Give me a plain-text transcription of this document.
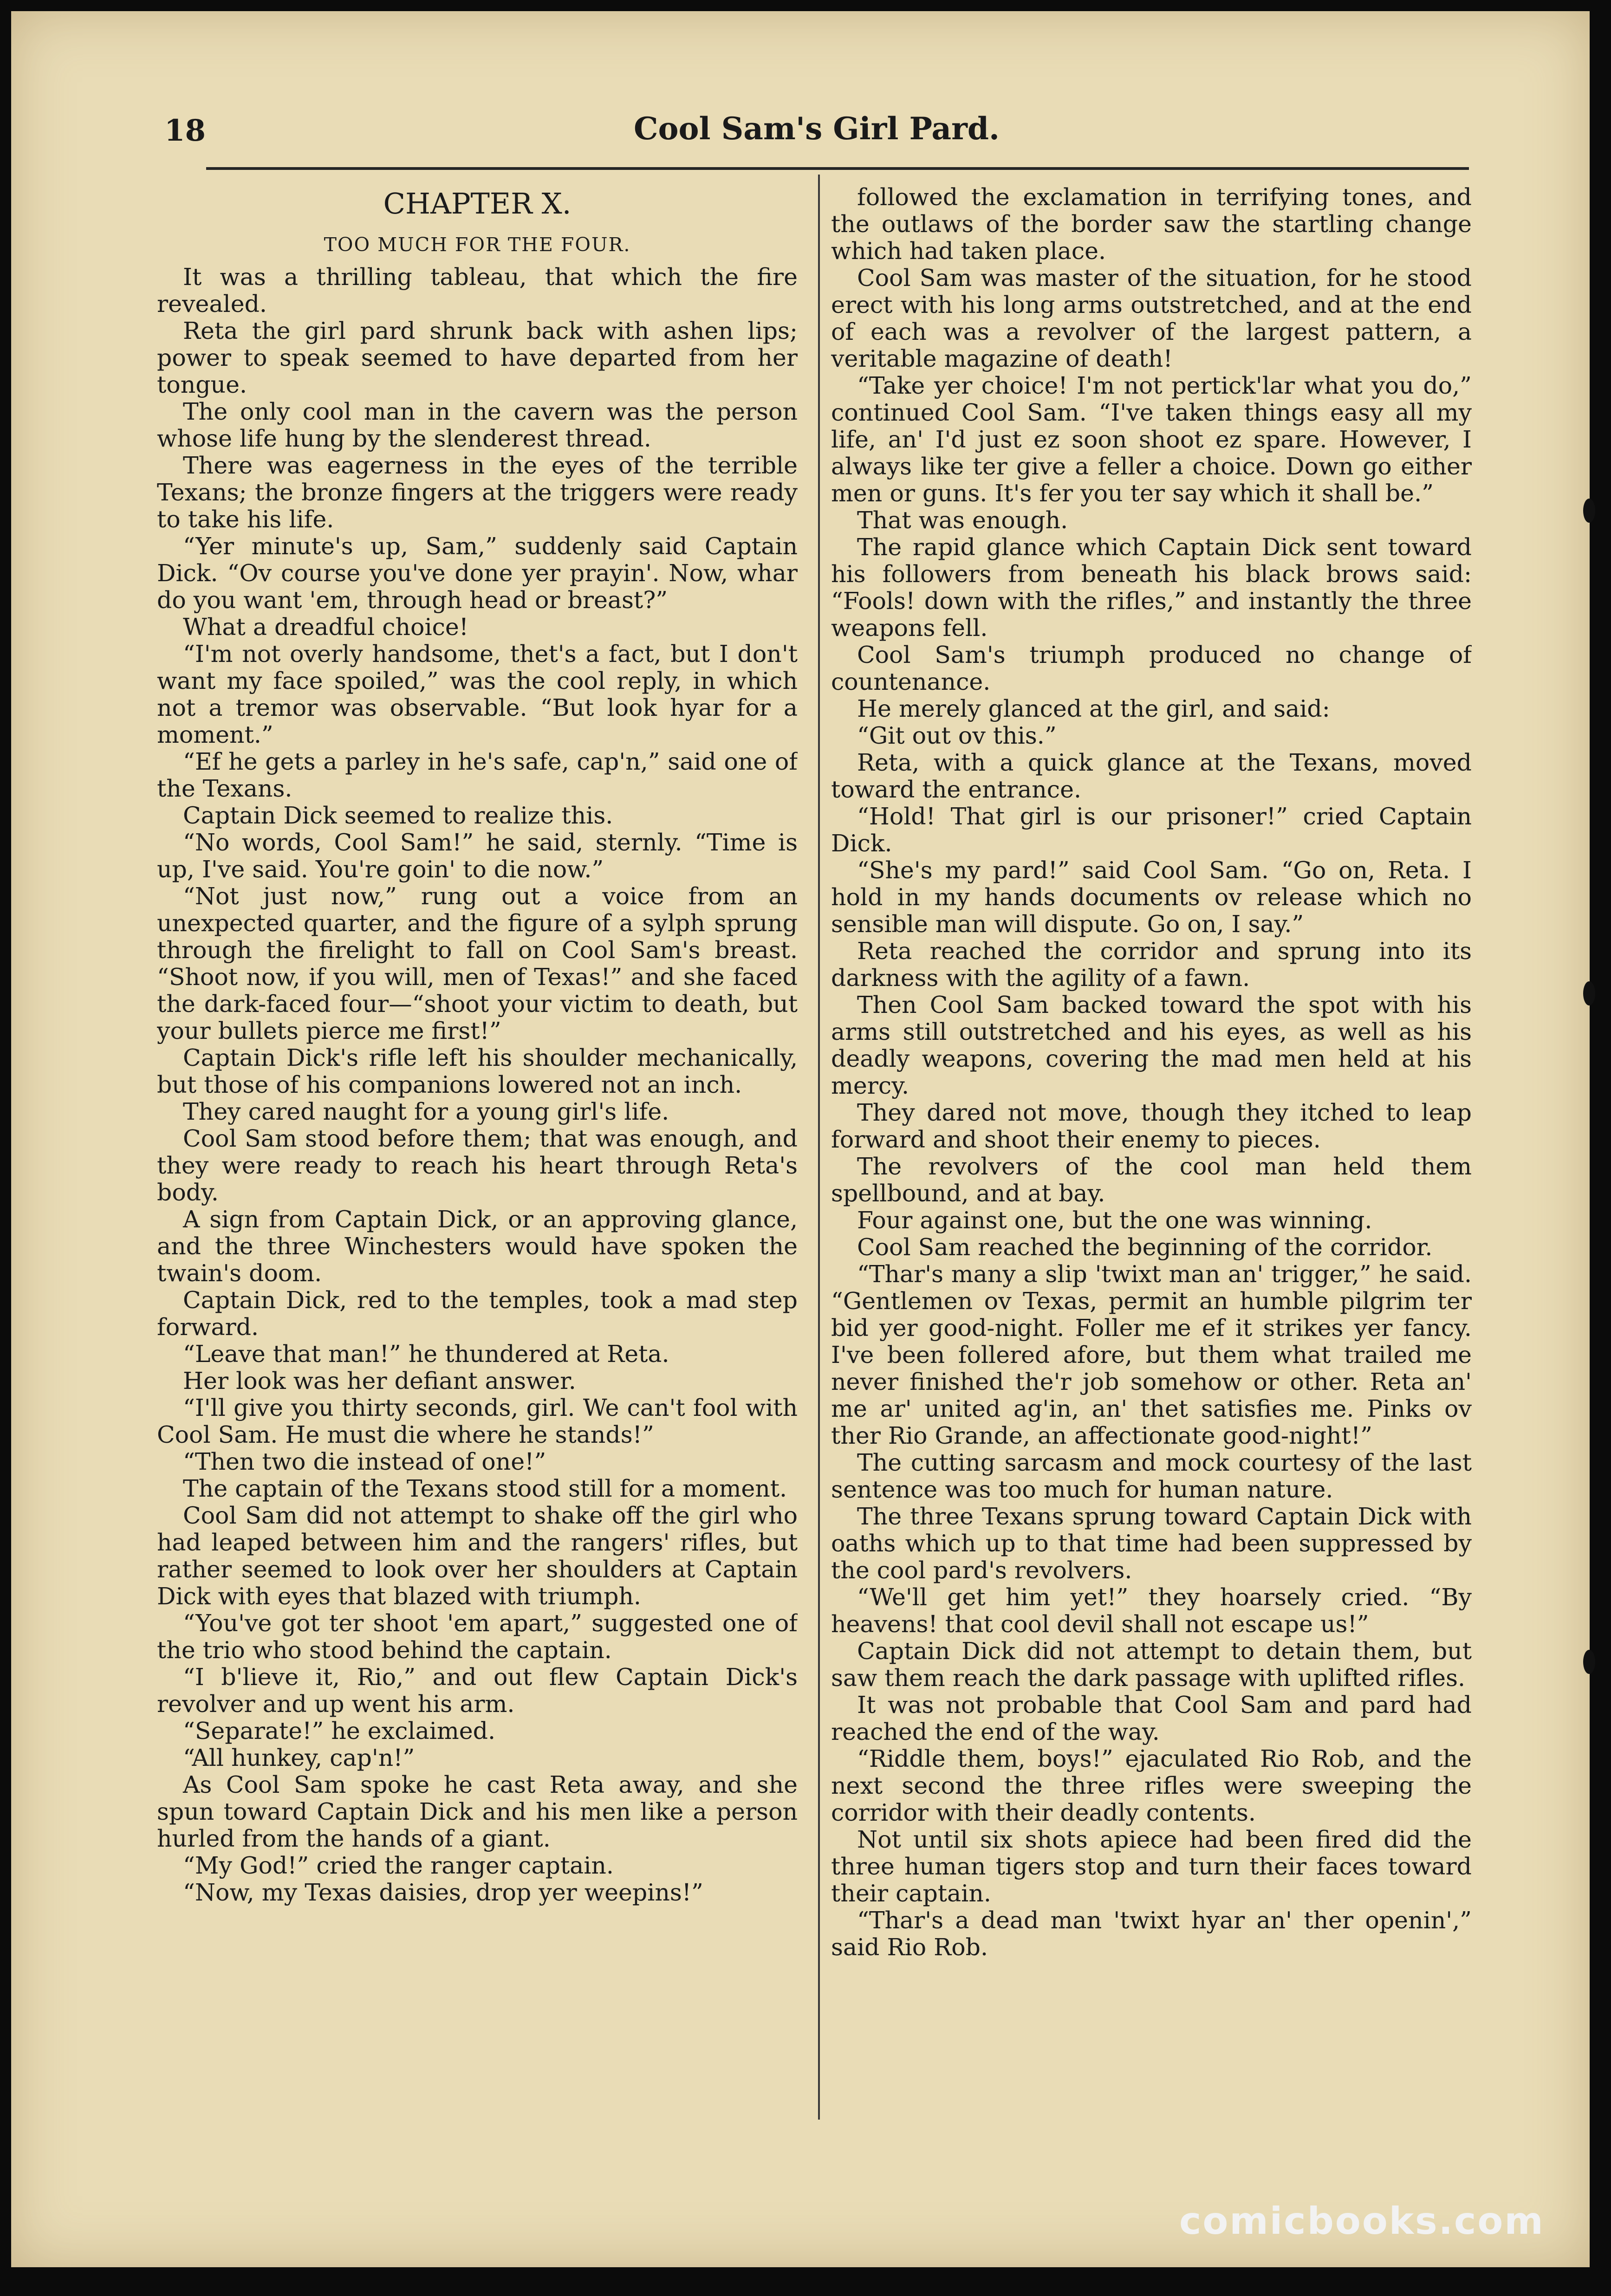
18	Cool Sam's Girl Pard.
CHAPTER X.
TOO MUCH FOR THE FOUR.

It was a thrilling tableau, that which the fire revealed.

Reta the girl pard shrunk back with ashen lips; power to speak seemed to have departed from her tongue.

The only cool man in the cavern was the person whose life hung by the slenderest thread.

There was eagerness in the eyes of the terrible Texans; the bronze fingers at the triggers were ready to take his life.

“Yer minute's up, Sam,” suddenly said Captain Dick. “Ov course you've done yer prayin'. Now, whar do you want 'em, through head or breast?”

What a dreadful choice!

“I'm not overly handsome, thet's a fact, but I don't want my face spoiled,” was the cool reply, in which not a tremor was observable. “But look hyar for a moment.”

“Ef he gets a parley in he's safe, cap'n,” said one of the Texans.

Captain Dick seemed to realize this.

“No words, Cool Sam!” he said, sternly. “Time is up, I've said. You're goin' to die now.”

“Not just now,” rung out a voice from an unexpected quarter, and the figure of a sylph sprung through the firelight to fall on Cool Sam's breast. “Shoot now, if you will, men of Texas!” and she faced the dark-faced four—“shoot your victim to death, but your bullets pierce me first!”

Captain Dick's rifle left his shoulder mechanically, but those of his companions lowered not an inch.

They cared naught for a young girl's life.

Cool Sam stood before them; that was enough, and they were ready to reach his heart through Reta's body.

A sign from Captain Dick, or an approving glance, and the three Winchesters would have spoken the twain's doom.

Captain Dick, red to the temples, took a mad step forward.

“Leave that man!” he thundered at Reta.

Her look was her defiant answer.

“I'll give you thirty seconds, girl. We can't fool with Cool Sam. He must die where he stands!”

“Then two die instead of one!”

The captain of the Texans stood still for a moment.

Cool Sam did not attempt to shake off the girl who had leaped between him and the rangers' rifles, but rather seemed to look over her shoulders at Captain Dick with eyes that blazed with triumph.

“You've got ter shoot 'em apart,” suggested one of the trio who stood behind the captain.

“I b'lieve it, Rio,” and out flew Captain Dick's revolver and up went his arm.

“Separate!” he exclaimed.

“All hunkey, cap'n!”

As Cool Sam spoke he cast Reta away, and she spun toward Captain Dick and his men like a person hurled from the hands of a giant.

“My God!” cried the ranger captain.

“Now, my Texas daisies, drop yer weepins!”

followed the exclamation in terrifying tones, and the outlaws of the border saw the startling change which had taken place.

Cool Sam was master of the situation, for he stood erect with his long arms outstretched, and at the end of each was a revolver of the largest pattern, a veritable magazine of death!

“Take yer choice! I'm not pertick'lar what you do,” continued Cool Sam. “I've taken things easy all my life, an' I'd just ez soon shoot ez spare. However, I always like ter give a feller a choice. Down go either men or guns. It's fer you ter say which it shall be.”

That was enough.

The rapid glance which Captain Dick sent toward his followers from beneath his black brows said: “Fools! down with the rifles,” and instantly the three weapons fell.

Cool Sam's triumph produced no change of countenance.

He merely glanced at the girl, and said:

“Git out ov this.”

Reta, with a quick glance at the Texans, moved toward the entrance.

“Hold! That girl is our prisoner!” cried Captain Dick.

“She's my pard!” said Cool Sam. “Go on, Reta. I hold in my hands documents ov release which no sensible man will dispute. Go on, I say.”

Reta reached the corridor and sprung into its darkness with the agility of a fawn.

Then Cool Sam backed toward the spot with his arms still outstretched and his eyes, as well as his deadly weapons, covering the mad men held at his mercy.

They dared not move, though they itched to leap forward and shoot their enemy to pieces.

The revolvers of the cool man held them spellbound, and at bay.

Four against one, but the one was winning.

Cool Sam reached the beginning of the corridor.

“Thar's many a slip 'twixt man an' trigger,” he said. “Gentlemen ov Texas, permit an humble pilgrim ter bid yer good-night. Foller me ef it strikes yer fancy. I've been follered afore, but them what trailed me never finished the'r job somehow or other. Reta an' me ar' united ag'in, an' thet satisfies me. Pinks ov ther Rio Grande, an affectionate good-night!”

The cutting sarcasm and mock courtesy of the last sentence was too much for human nature.

The three Texans sprung toward Captain Dick with oaths which up to that time had been suppressed by the cool pard's revolvers.

“We'll get him yet!” they hoarsely cried. “By heavens! that cool devil shall not escape us!”

Captain Dick did not attempt to detain them, but saw them reach the dark passage with uplifted rifles.

It was not probable that Cool Sam and pard had reached the end of the way.

“Riddle them, boys!” ejaculated Rio Rob, and the next second the three rifles were sweeping the corridor with their deadly contents.

Not until six shots apiece had been fired did the three human tigers stop and turn their faces toward their captain.

“Thar's a dead man 'twixt hyar an' ther openin',” said Rio Rob.

comicbooks.com
